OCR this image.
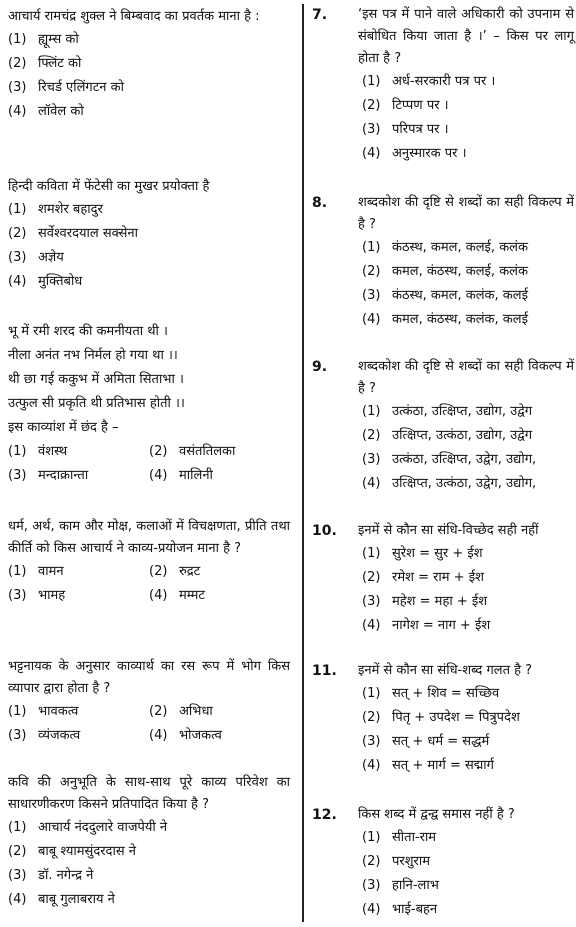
आचार्य रामचंद्र शुक्ल ने बिम्बवाद का प्रवर्तक माना है :

(1) ह्यूम्स को
(2) फ्लिंट को
(3) रिचर्ड एलिंगटन को
(4) लॉवेल को

हिन्दी कविता में फेंटेसी का मुखर प्रयोक्ता है

(1) शमशेर बहादुर
(2) सर्वेश्वरदयाल सक्सेना
(3) अज्ञेय
(4) मुक्तिबोध

भू में रमी शरद की कमनीयता थी ।

नीला अनंत नभ निर्मल हो गया था ।।

थी छा गई ककुभ में अमिता सिताभा ।

उत्फुल सी प्रकृति थी प्रतिभास होती ।।

इस काव्यांश में छंद है –

(1) वंशस्थ	(2) वसंततिलका
(3) मन्दाक्रान्ता	(4) मालिनी

धर्म, अर्थ, काम और मोक्ष, कलाओं में विचक्षणता, प्रीति तथा कीर्ति को किस आचार्य ने काव्य-प्रयोजन माना है ?

(1) वामन	(2) रुद्रट
(3) भामह	(4) मम्मट

भट्टनायक के अनुसार काव्यार्थ का रस रूप में भोग किस व्यापार द्वारा होता है ?

(1) भावकत्व	(2) अभिधा
(3) व्यंजकत्व	(4) भोजकत्व

कवि की अनुभूति के साथ-साथ पूरे काव्य परिवेश का साधारणीकरण किसने प्रतिपादित किया है ?

(1) आचार्य नंददुलारे वाजपेयी ने
(2) बाबू श्यामसुंदरदास ने
(3) डॉ. नगेन्द्र ने
(4) बाबू गुलाबराय ने
7. ‘इस पत्र में पाने वाले अधिकारी को उपनाम से संबोधित किया जाता है ।’ – किस पर लागू होता है ?

(1) अर्ध-सरकारी पत्र पर ।
(2) टिप्पण पर ।
(3) परिपत्र पर ।
(4) अनुस्मारक पर ।
8. शब्दकोश की दृष्टि से शब्दों का सही विकल्प में है ?

(1) कंठस्थ, कमल, कलई, कलंक
(2) कमल, कंठस्थ, कलई, कलंक
(3) कंठस्थ, कमल, कलंक, कलई
(4) कमल, कंठस्थ, कलंक, कलई
9. शब्दकोश की दृष्टि से शब्दों का सही विकल्प में है ?

(1) उत्कंठा, उत्क्षिप्त, उद्योग, उद्वेग
(2) उत्क्षिप्त, उत्कंठा, उद्योग, उद्वेग
(3) उत्कंठा, उत्क्षिप्त, उद्वेग, उद्योग,
(4) उत्क्षिप्त, उत्कंठा, उद्वेग, उद्योग,
10. इनमें से कौन सा संधि-विच्छेद सही नहीं

(1) सुरेश = सुर + ईश
(2) रमेश = राम + ईश
(3) महेश = महा + ईश
(4) नागेश = नाग + ईश
11. इनमें से कौन सा संधि-शब्द गलत है ?

(1) सत् + शिव = सच्छिव
(2) पितृ + उपदेश = पित्रुपदेश
(3) सत् + धर्म = सद्धर्म
(4) सत् + मार्ग = सद्मार्ग
12. किस शब्द में द्वन्द्व समास नहीं है ?

(1) सीता-राम
(2) परशुराम
(3) हानि-लाभ
(4) भाई-बहन
